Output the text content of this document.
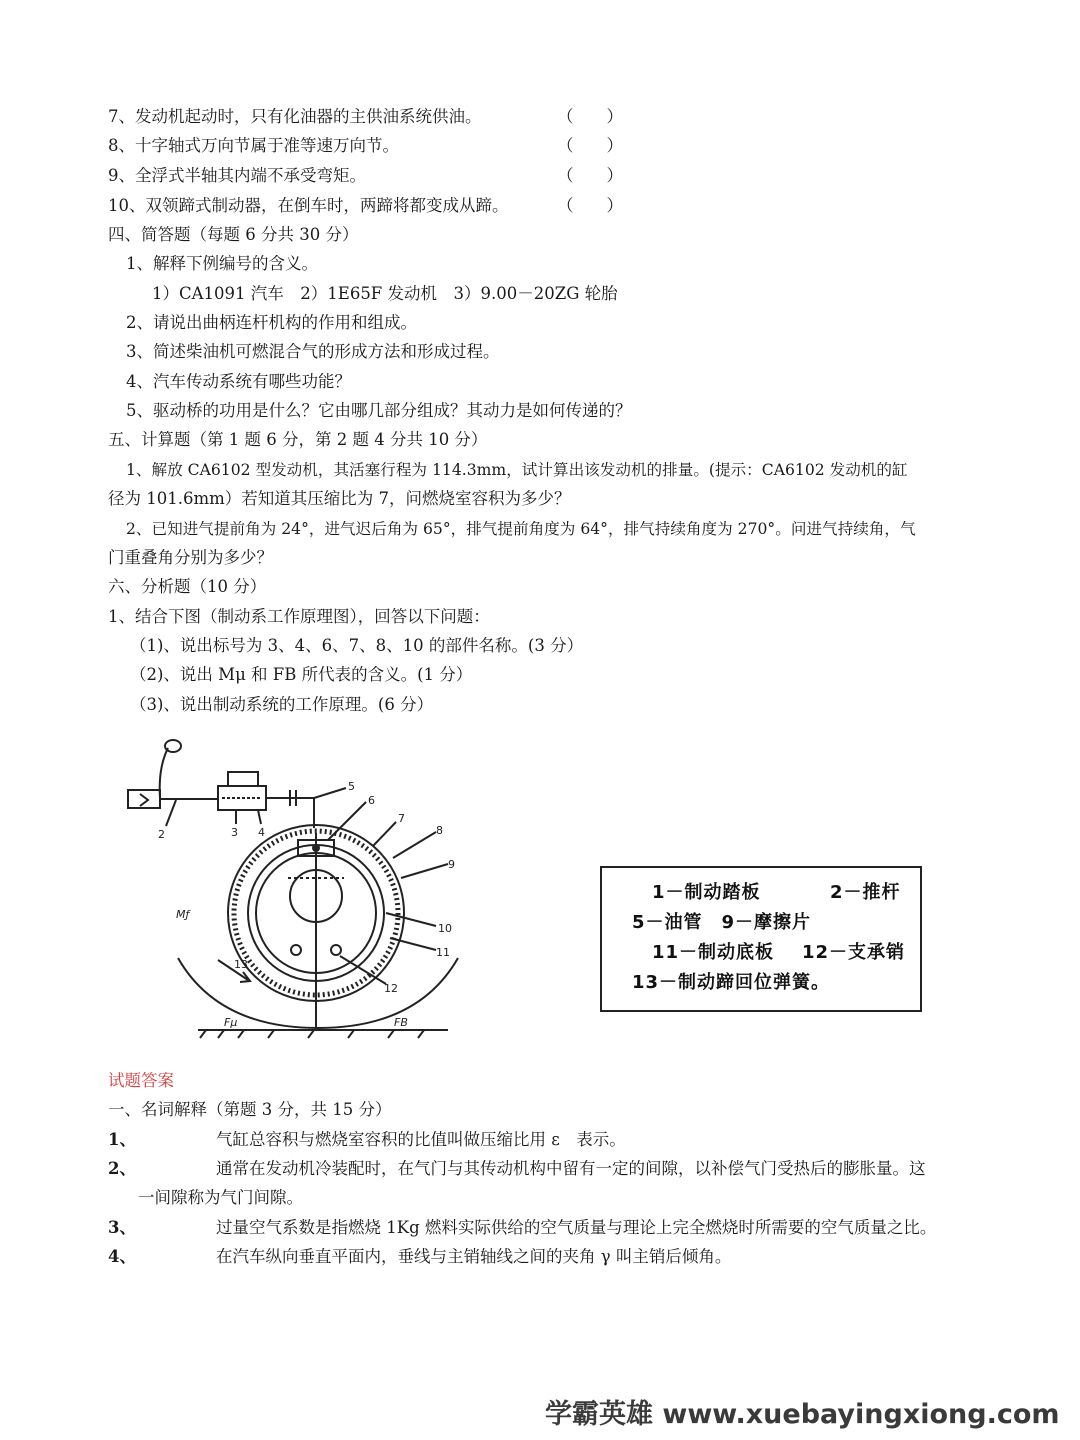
7、发动机起动时，只有化油器的主供油系统供油。	（　　）
8、十字轴式万向节属于准等速万向节。	（　　）
9、全浮式半轴其内端不承受弯矩。	（　　）
10、双领蹄式制动器，在倒车时，两蹄将都变成从蹄。	（　　）
四、简答题（每题 6 分共 30 分）
1、解释下例编号的含义。
1）CA1091 汽车　2）1E65F 发动机　3）9.00－20ZG 轮胎
2、请说出曲柄连杆机构的作用和组成。
3、简述柴油机可燃混合气的形成方法和形成过程。
4、汽车传动系统有哪些功能？
5、驱动桥的功用是什么？它由哪几部分组成？其动力是如何传递的？
五、计算题（第 1 题 6 分，第 2 题 4 分共 10 分）
1、解放 CA6102 型发动机，其活塞行程为 114.3mm，试计算出该发动机的排量。(提示：CA6102 发动机的缸
径为 101.6mm）若知道其压缩比为 7，问燃烧室容积为多少？
2、已知进气提前角为 24°，进气迟后角为 65°，排气提前角度为 64°，排气持续角度为 270°。问进气持续角，气
门重叠角分别为多少？
六、分析题（10 分）
1、结合下图（制动系工作原理图），回答以下问题：
（1)、说出标号为 3、4、6、7、8、10 的部件名称。(3 分）
（2)、说出 Mμ 和 FB 所代表的含义。(1 分）
（3)、说出制动系统的工作原理。(6 分）
2	3 4
5
6
7
8
9
10
11
12
13
Mƒ
Fμ	FB
1－制动踏板	2－推杆
5－油管　9－摩擦片
11－制动底板 12－支承销
13－制动蹄回位弹簧。
试题答案
一、名词解释（第题 3 分，共 15 分）
1、	气缸总容积与燃烧室容积的比值叫做压缩比用 ε　表示。
2、	通常在发动机冷装配时，在气门与其传动机构中留有一定的间隙，以补偿气门受热后的膨胀量。这
一间隙称为气门间隙。
3、	过量空气系数是指燃烧 1Kg 燃料实际供给的空气质量与理论上完全燃烧时所需要的空气质量之比。
4、	在汽车纵向垂直平面内，垂线与主销轴线之间的夹角 γ 叫主销后倾角。
学霸英雄 www.xuebayingxiong.com
